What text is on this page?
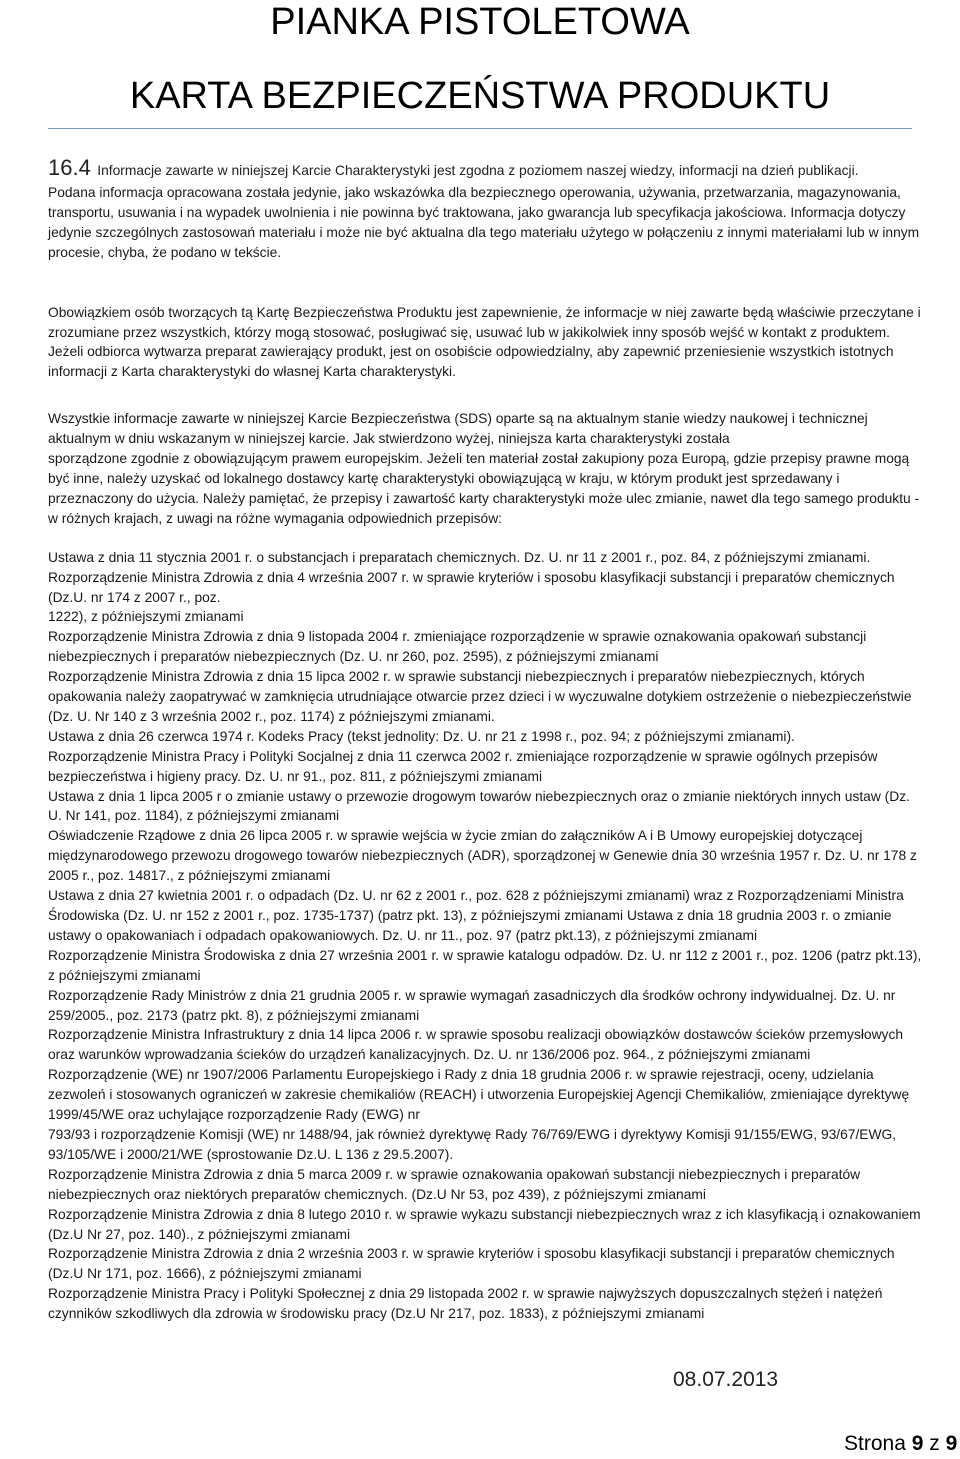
PIANKA PISTOLETOWA
KARTA BEZPIECZEŃSTWA PRODUKTU
16.4 Informacje zawarte w niniejszej Karcie Charakterystyki jest zgodna z poziomem naszej wiedzy, informacji na dzień publikacji.

Podana informacja opracowana została jedynie, jako wskazówka dla bezpiecznego operowania, używania, przetwarzania, magazynowania, transportu, usuwania i na wypadek uwolnienia i nie powinna być traktowana, jako gwarancja lub specyfikacja jakościowa. Informacja dotyczy jedynie szczególnych zastosowań materiału i może nie być aktualna dla tego materiału użytego w połączeniu z innymi materiałami lub w innym procesie, chyba, że podano w tekście.

Obowiązkiem osób tworzących tą Kartę Bezpieczeństwa Produktu jest zapewnienie, że informacje w niej zawarte będą właściwie przeczytane i zrozumiane przez wszystkich, którzy mogą stosować, posługiwać się, usuwać lub w jakikolwiek inny sposób wejść w kontakt z produktem. Jeżeli odbiorca wytwarza preparat zawierający produkt, jest on osobiście odpowiedzialny, aby zapewnić przeniesienie wszystkich istotnych informacji z Karta charakterystyki do własnej Karta charakterystyki.

Wszystkie informacje zawarte w niniejszej Karcie Bezpieczeństwa (SDS) oparte są na aktualnym stanie wiedzy naukowej i technicznej aktualnym w dniu wskazanym w niniejszej karcie. Jak stwierdzono wyżej, niniejsza karta charakterystyki została

sporządzone zgodnie z obowiązującym prawem europejskim. Jeżeli ten materiał został zakupiony poza Europą, gdzie przepisy prawne mogą być inne, należy uzyskać od lokalnego dostawcy kartę charakterystyki obowiązującą w kraju, w którym produkt jest sprzedawany i przeznaczony do użycia. Należy pamiętać, że przepisy i zawartość karty charakterystyki może ulec zmianie, nawet dla tego samego produktu - w różnych krajach, z uwagi na różne wymagania odpowiednich przepisów:

Ustawa z dnia 11 stycznia 2001 r. o substancjach i preparatach chemicznych. Dz. U. nr 11 z 2001 r., poz. 84, z późniejszymi zmianami.

Rozporządzenie Ministra Zdrowia z dnia 4 września 2007 r. w sprawie kryteriów i sposobu klasyfikacji substancji i preparatów chemicznych (Dz.U. nr 174 z 2007 r., poz.

1222), z późniejszymi zmianami

Rozporządzenie Ministra Zdrowia z dnia 9 listopada 2004 r. zmieniające rozporządzenie w sprawie oznakowania opakowań substancji niebezpiecznych i preparatów niebezpiecznych (Dz. U. nr 260, poz. 2595), z późniejszymi zmianami

Rozporządzenie Ministra Zdrowia z dnia 15 lipca 2002 r. w sprawie substancji niebezpiecznych i preparatów niebezpiecznych, których opakowania należy zaopatrywać w zamknięcia utrudniające otwarcie przez dzieci i w wyczuwalne dotykiem ostrzeżenie o niebezpieczeństwie (Dz. U. Nr 140 z 3 września 2002 r., poz. 1174) z późniejszymi zmianami.

Ustawa z dnia 26 czerwca 1974 r. Kodeks Pracy (tekst jednolity: Dz. U. nr 21 z 1998 r., poz. 94; z późniejszymi zmianami).

Rozporządzenie Ministra Pracy i Polityki Socjalnej z dnia 11 czerwca 2002 r. zmieniające rozporządzenie w sprawie ogólnych przepisów bezpieczeństwa i higieny pracy. Dz. U. nr 91., poz. 811, z późniejszymi zmianami

Ustawa z dnia 1 lipca 2005 r o zmianie ustawy o przewozie drogowym towarów niebezpiecznych oraz o zmianie niektórych innych ustaw (Dz. U. Nr 141, poz. 1184), z późniejszymi zmianami

Oświadczenie Rządowe z dnia 26 lipca 2005 r. w sprawie wejścia w życie zmian do załączników A i B Umowy europejskiej dotyczącej międzynarodowego przewozu drogowego towarów niebezpiecznych (ADR), sporządzonej w Genewie dnia 30 września 1957 r. Dz. U. nr 178 z 2005 r., poz. 14817., z późniejszymi zmianami

Ustawa z dnia 27 kwietnia 2001 r. o odpadach (Dz. U. nr 62 z 2001 r., poz. 628 z późniejszymi zmianami) wraz z Rozporządzeniami Ministra Środowiska (Dz. U. nr 152 z 2001 r., poz. 1735-1737) (patrz pkt. 13), z późniejszymi zmianami Ustawa z dnia 18 grudnia 2003 r. o zmianie ustawy o opakowaniach i odpadach opakowaniowych. Dz. U. nr 11., poz. 97 (patrz pkt.13), z późniejszymi zmianami

Rozporządzenie Ministra Środowiska z dnia 27 września 2001 r. w sprawie katalogu odpadów. Dz. U. nr 112 z 2001 r., poz. 1206 (patrz pkt.13), z późniejszymi zmianami

Rozporządzenie Rady Ministrów z dnia 21 grudnia 2005 r. w sprawie wymagań zasadniczych dla środków ochrony indywidualnej. Dz. U. nr 259/2005., poz. 2173 (patrz pkt. 8), z późniejszymi zmianami

Rozporządzenie Ministra Infrastruktury z dnia 14 lipca 2006 r. w sprawie sposobu realizacji obowiązków dostawców ścieków przemysłowych oraz warunków wprowadzania ścieków do urządzeń kanalizacyjnych. Dz. U. nr 136/2006 poz. 964., z późniejszymi zmianami

Rozporządzenie (WE) nr 1907/2006 Parlamentu Europejskiego i Rady z dnia 18 grudnia 2006 r. w sprawie rejestracji, oceny, udzielania zezwoleń i stosowanych ograniczeń w zakresie chemikaliów (REACH) i utworzenia Europejskiej Agencji Chemikaliów, zmieniające dyrektywę 1999/45/WE oraz uchylające rozporządzenie Rady (EWG) nr

793/93 i rozporządzenie Komisji (WE) nr 1488/94, jak również dyrektywę Rady 76/769/EWG i dyrektywy Komisji 91/155/EWG, 93/67/EWG, 93/105/WE i 2000/21/WE (sprostowanie Dz.U. L 136 z 29.5.2007).

Rozporządzenie Ministra Zdrowia z dnia 5 marca 2009 r. w sprawie oznakowania opakowań substancji niebezpiecznych i preparatów niebezpiecznych oraz niektórych preparatów chemicznych. (Dz.U Nr 53, poz 439), z późniejszymi zmianami

Rozporządzenie Ministra Zdrowia z dnia 8 lutego 2010 r. w sprawie wykazu substancji niebezpiecznych wraz z ich klasyfikacją i oznakowaniem (Dz.U Nr 27, poz. 140)., z późniejszymi zmianami

Rozporządzenie Ministra Zdrowia z dnia 2 września 2003 r. w sprawie kryteriów i sposobu klasyfikacji substancji i preparatów chemicznych (Dz.U Nr 171, poz. 1666), z późniejszymi zmianami

Rozporządzenie Ministra Pracy i Polityki Społecznej z dnia 29 listopada 2002 r. w sprawie najwyższych dopuszczalnych stężeń i natężeń czynników szkodliwych dla zdrowia w środowisku pracy (Dz.U Nr 217, poz. 1833), z późniejszymi zmianami

08.07.2013
Strona 9 z 9
